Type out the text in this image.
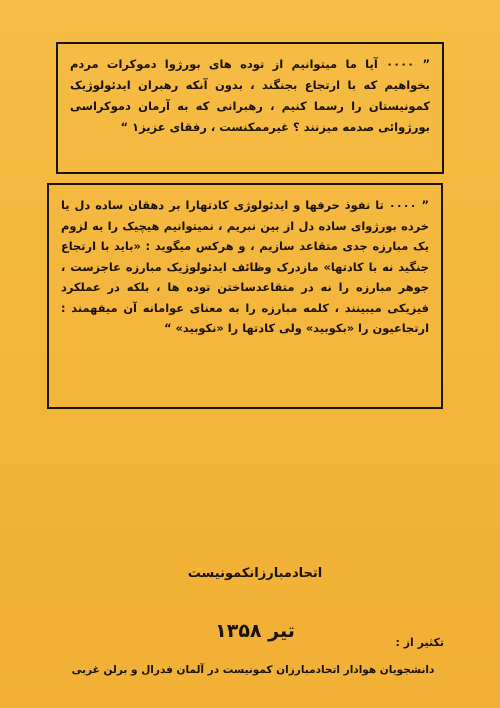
” ٠٠٠٠ آیا ما میتوانیم از توده های بورژوا دموکرات مردم بخواهیم که با ارتجاع بجنگند ، بدون آنکه رهبران ایدئولوژیک کمونیستان را رسما کنیم ، رهبرانی که به آرمان دموکراسی بورژوائی صدمه میزنند ؟ غیرممکنست ، رفقای عزیز١ “

” ٠٠٠٠ تا نفوذ حرفها و ایدئولوژی کادتهارا بر دهقان ساده دل یا خرده بورژوای ساده دل از بین نبریم ، نمیتوانیم هیچیک را به لزوم یک مبارزه جدی متقاعد سازیم ، و هرکس میگوید : «باید با ارتجاع جنگید نه با کادتها» مازدرک وظائف ایدئولوژیک مبارزه عاجزست ، جوهر مبارزه را نه در متقاعدساختن توده ها ، بلکه در عملکرد فیزیکی میبینند ، کلمه مبارزه را به معنای عوامانه آن میفهمند : ارتجاعیون را «بکوبید» ولی کادتها را «نکوبید» “

اتحادمبارزانکمونیست
تیر ۱۳۵۸
تکثیر از :
دانشجویان هوادار اتحادمبارزان کمونیست در آلمان فدرال و برلن غربی
